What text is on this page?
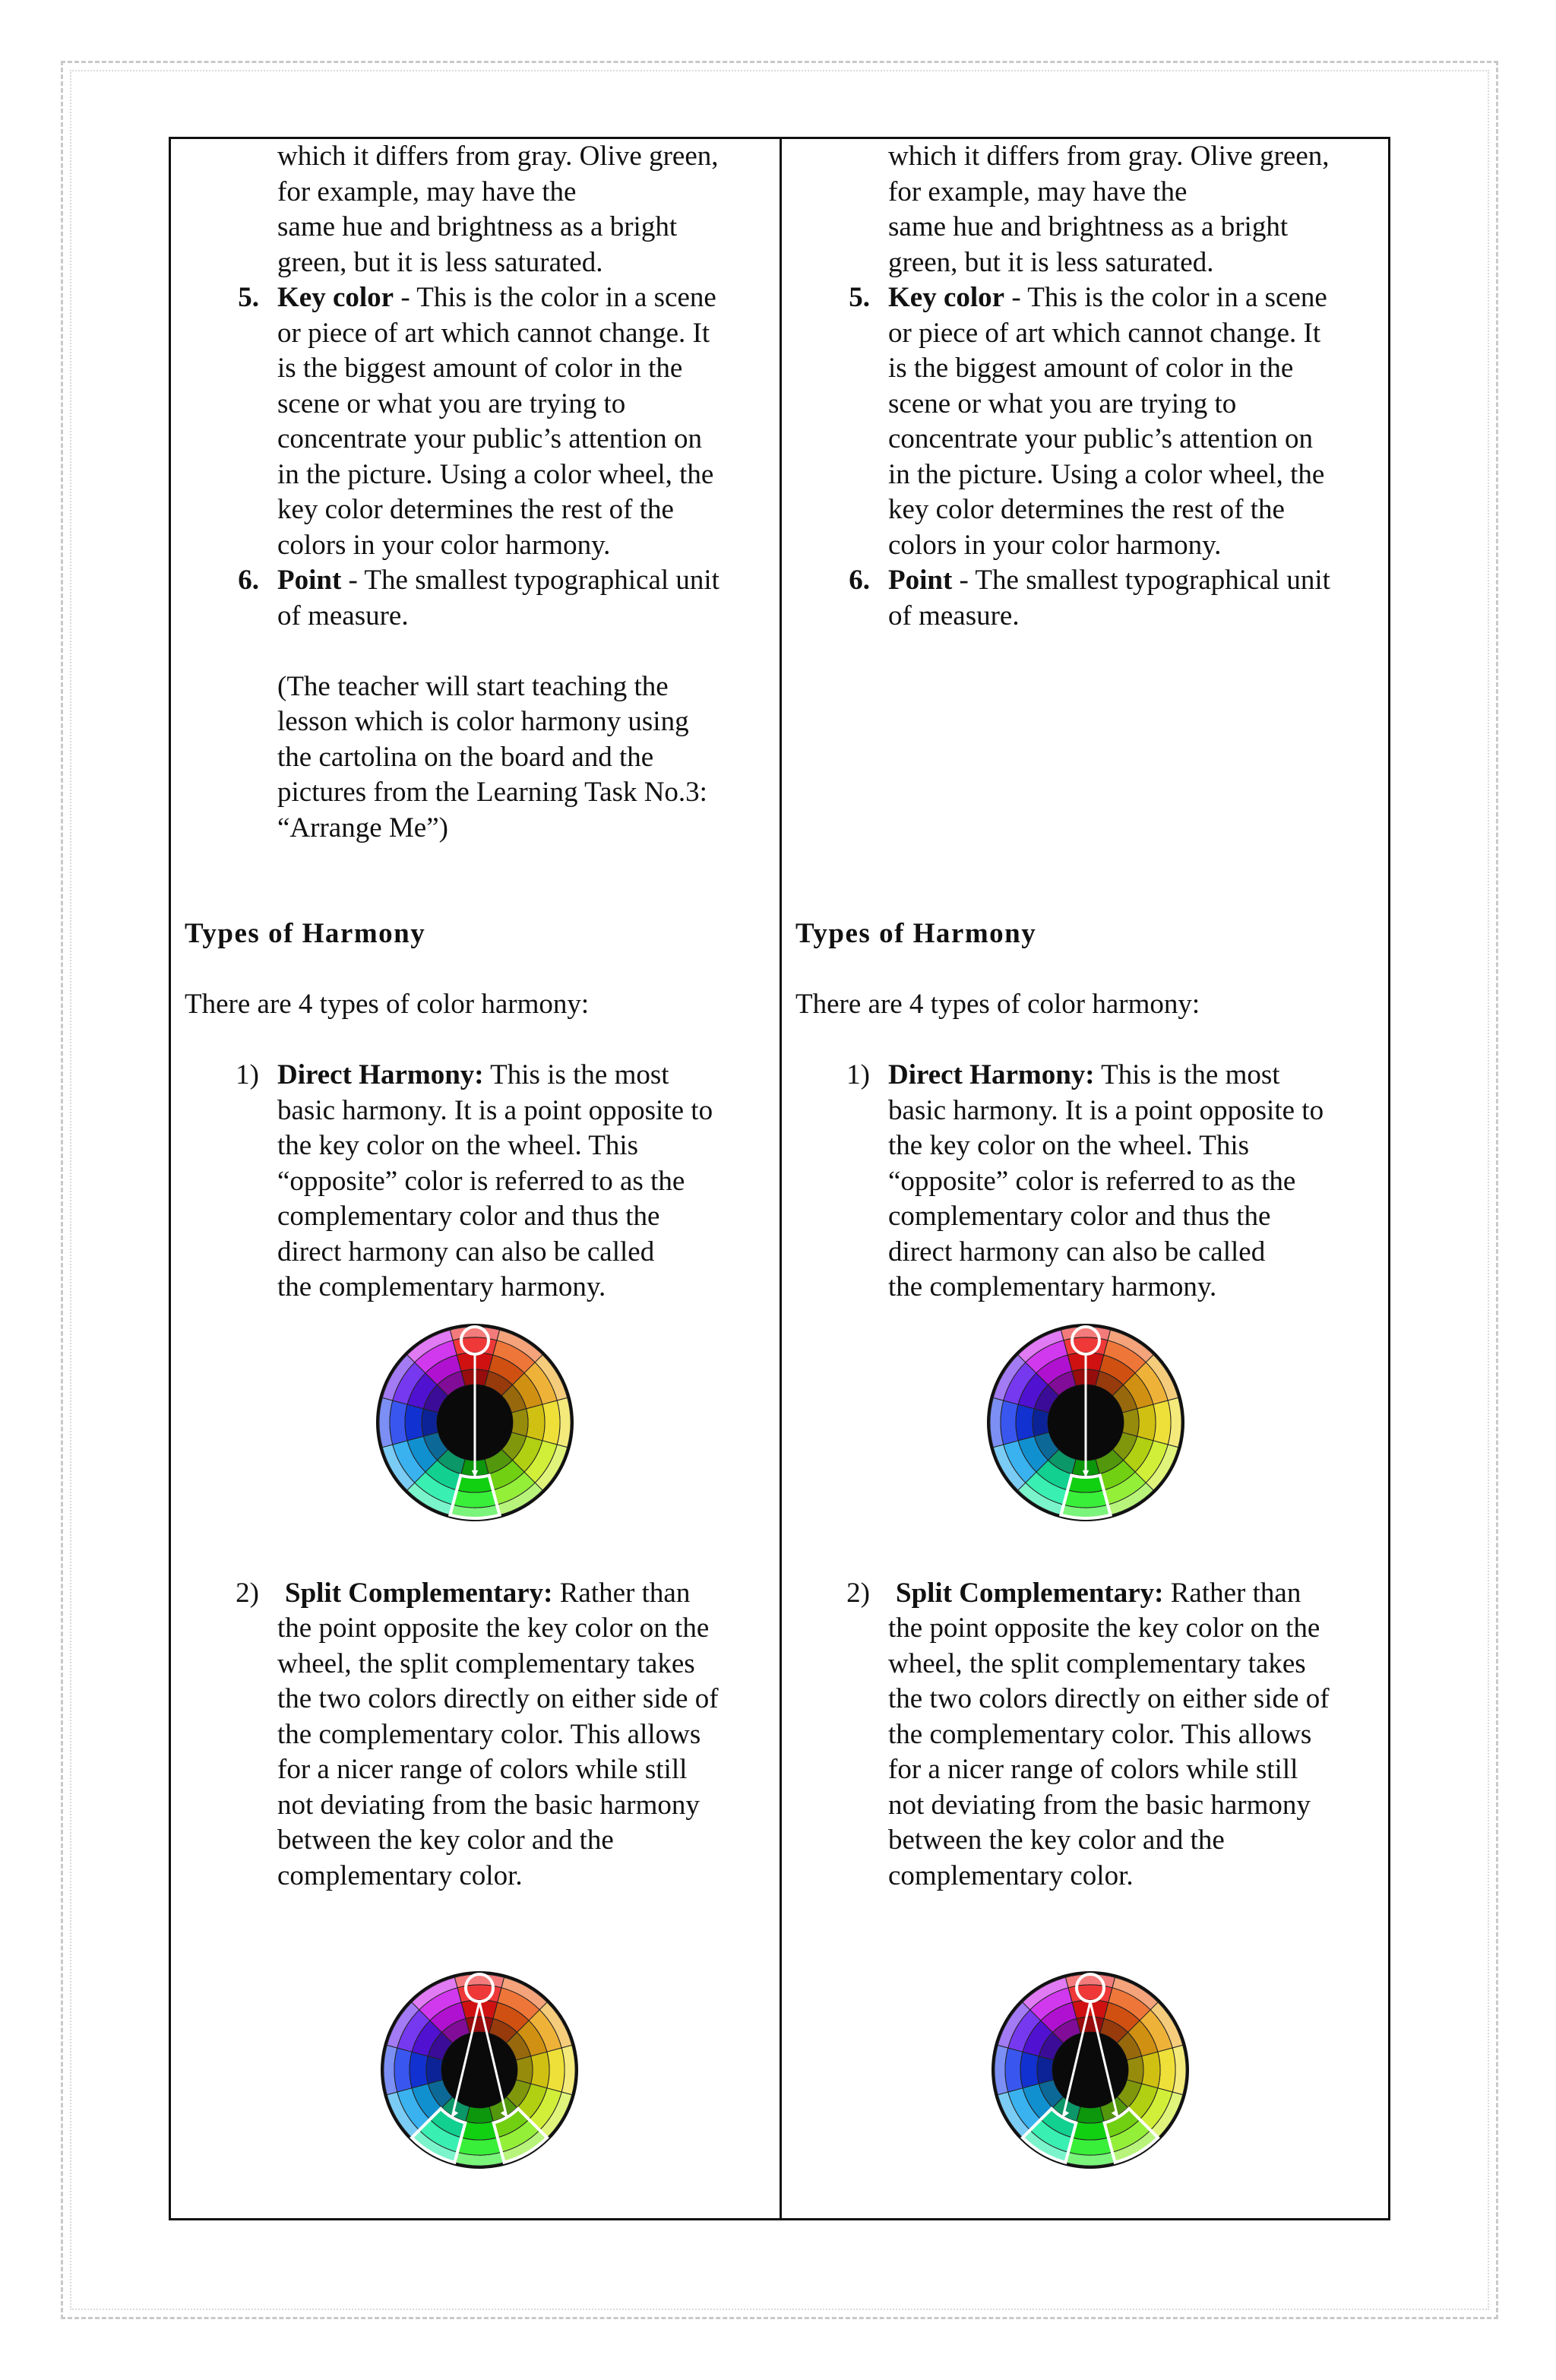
which it differs from gray. Olive green,

for example, may have the

same hue and brightness as a bright

green, but it is less saturated.

5. Key color - This is the color in a scene

or piece of art which cannot change. It

is the biggest amount of color in the

scene or what you are trying to

concentrate your public’s attention on

in the picture. Using a color wheel, the

key color determines the rest of the

colors in your color harmony.

6. Point - The smallest typographical unit

of measure.

(The teacher will start teaching the

lesson which is color harmony using

the cartolina on the board and the

pictures from the Learning Task No.3:

“Arrange Me”)

Types of Harmony

There are 4 types of color harmony:

1) Direct Harmony: This is the most

basic harmony. It is a point opposite to

the key color on the wheel. This

“opposite” color is referred to as the

complementary color and thus the

direct harmony can also be called

the complementary harmony.

2) Split Complementary: Rather than

the point opposite the key color on the

wheel, the split complementary takes

the two colors directly on either side of

the complementary color. This allows

for a nicer range of colors while still

not deviating from the basic harmony

between the key color and the

complementary color.

which it differs from gray. Olive green,

for example, may have the

same hue and brightness as a bright

green, but it is less saturated.

5. Key color - This is the color in a scene

or piece of art which cannot change. It

is the biggest amount of color in the

scene or what you are trying to

concentrate your public’s attention on

in the picture. Using a color wheel, the

key color determines the rest of the

colors in your color harmony.

6. Point - The smallest typographical unit

of measure.

Types of Harmony

There are 4 types of color harmony:

1) Direct Harmony: This is the most

basic harmony. It is a point opposite to

the key color on the wheel. This

“opposite” color is referred to as the

complementary color and thus the

direct harmony can also be called

the complementary harmony.

2) Split Complementary: Rather than

the point opposite the key color on the

wheel, the split complementary takes

the two colors directly on either side of

the complementary color. This allows

for a nicer range of colors while still

not deviating from the basic harmony

between the key color and the

complementary color.
